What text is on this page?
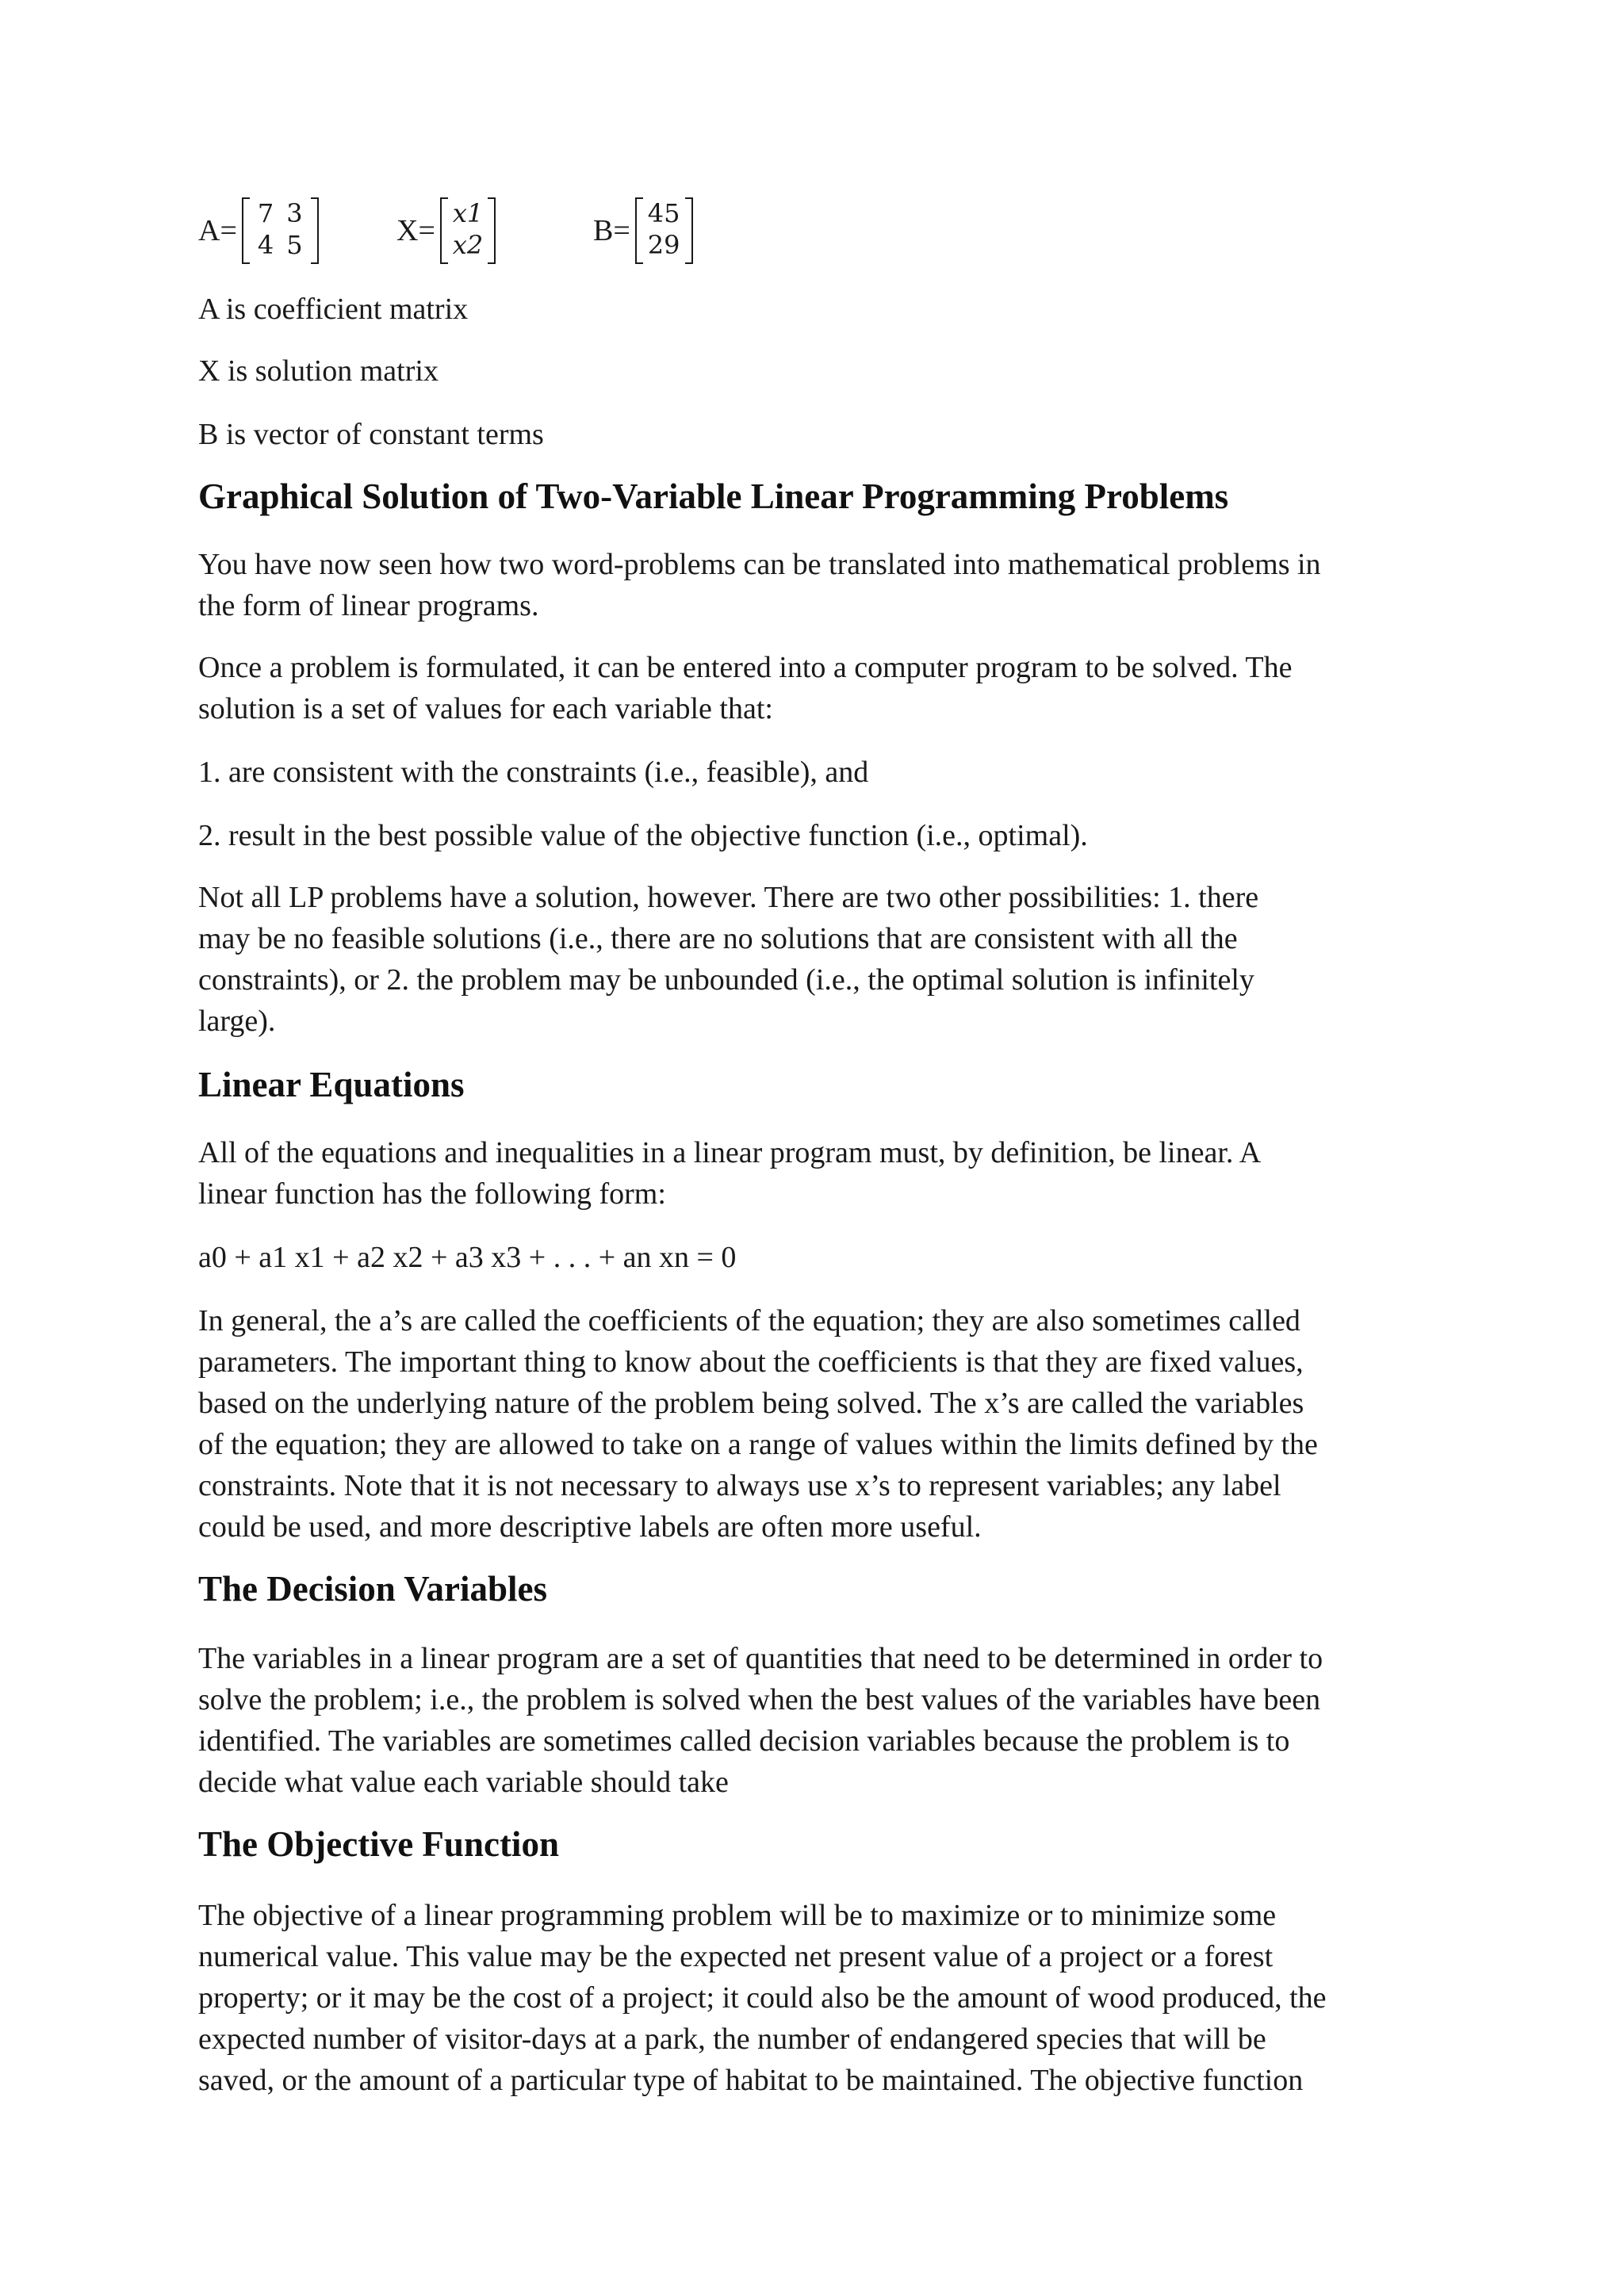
A=
7	3
4	5	X=
x1
x2	B=
45
29
A is coefficient matrix
X is solution matrix
B is vector of constant terms
Graphical Solution of Two-Variable Linear Programming Problems

You have now seen how two word-problems can be translated into mathematical problems in

the form of linear programs.

Once a problem is formulated, it can be entered into a computer program to be solved. The

solution is a set of values for each variable that:

1. are consistent with the constraints (i.e., feasible), and
2. result in the best possible value of the objective function (i.e., optimal).

Not all LP problems have a solution, however. There are two other possibilities: 1. there

may be no feasible solutions (i.e., there are no solutions that are consistent with all the

constraints), or 2. the problem may be unbounded (i.e., the optimal solution is infinitely

large).

Linear Equations

All of the equations and inequalities in a linear program must, by definition, be linear. A

linear function has the following form:

a0 + a1 x1 + a2 x2 + a3 x3 + . . . + an xn = 0

In general, the a’s are called the coefficients of the equation; they are also sometimes called

parameters. The important thing to know about the coefficients is that they are fixed values,

based on the underlying nature of the problem being solved. The x’s are called the variables

of the equation; they are allowed to take on a range of values within the limits defined by the

constraints. Note that it is not necessary to always use x’s to represent variables; any label

could be used, and more descriptive labels are often more useful.

The Decision Variables

The variables in a linear program are a set of quantities that need to be determined in order to

solve the problem; i.e., the problem is solved when the best values of the variables have been

identified. The variables are sometimes called decision variables because the problem is to

decide what value each variable should take

The Objective Function

The objective of a linear programming problem will be to maximize or to minimize some

numerical value. This value may be the expected net present value of a project or a forest

property; or it may be the cost of a project; it could also be the amount of wood produced, the

expected number of visitor-days at a park, the number of endangered species that will be

saved, or the amount of a particular type of habitat to be maintained. The objective function
